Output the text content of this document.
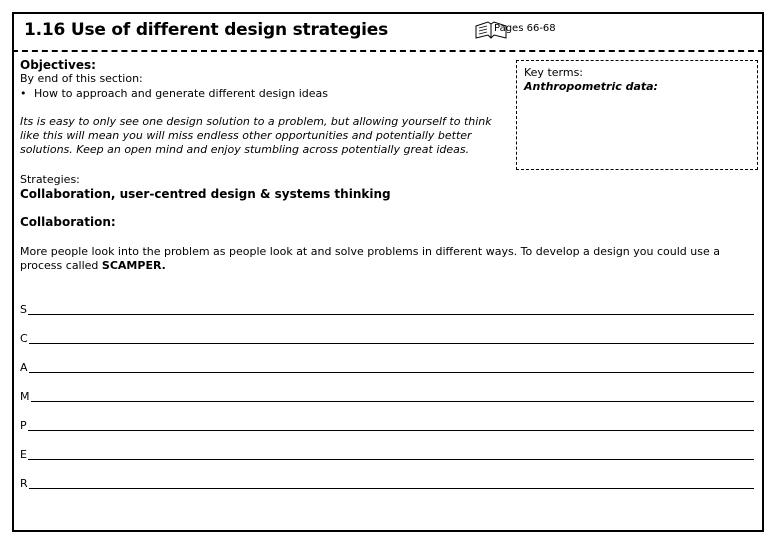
1.16 Use of different design strategies	Pages 66-68
Objectives:
By end of this section:
• How to approach and generate different design ideas
Its is easy to only see one design solution to a problem, but allowing yourself to think like this will mean you will miss endless other opportunities and potentially better solutions. Keep an open mind and enjoy stumbling across potentially great ideas.
Key terms:
Anthropometric data:
Strategies:
Collaboration, user-centred design & systems thinking
Collaboration:
More people look into the problem as people look at and solve problems in different ways. To develop a design you could use a process called SCAMPER.
S
C
A
M
P
E
R
